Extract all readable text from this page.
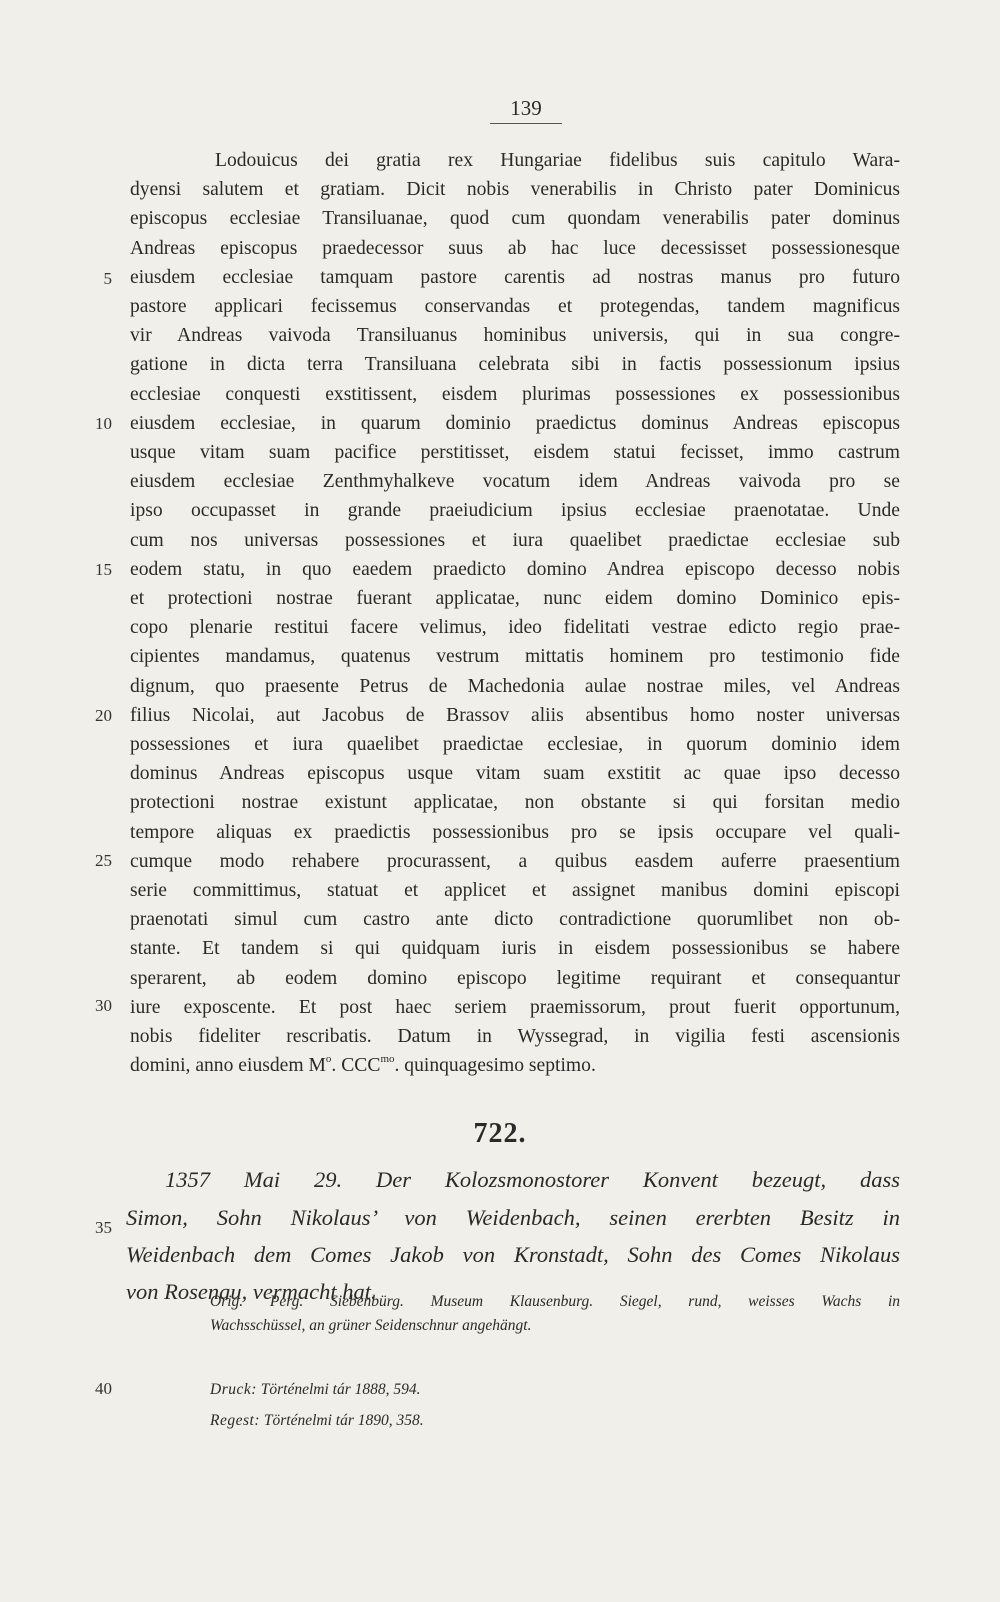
139
Lodouicus dei gratia rex Hungariae fidelibus suis capitulo Wara-
dyensi salutem et gratiam. Dicit nobis venerabilis in Christo pater Dominicus
episcopus ecclesiae Transiluanae, quod cum quondam venerabilis pater dominus
Andreas episcopus praedecessor suus ab hac luce decessisset possessionesque
eiusdem ecclesiae tamquam pastore carentis ad nostras manus pro futuro
pastore applicari fecissemus conservandas et protegendas, tandem magnificus
vir Andreas vaivoda Transiluanus hominibus universis, qui in sua congre-
gatione in dicta terra Transiluana celebrata sibi in factis possessionum ipsius
ecclesiae conquesti exstitissent, eisdem plurimas possessiones ex possessionibus
eiusdem ecclesiae, in quarum dominio praedictus dominus Andreas episcopus
usque vitam suam pacifice perstitisset, eisdem statui fecisset, immo castrum
eiusdem ecclesiae Zenthmyhalkeve vocatum idem Andreas vaivoda pro se
ipso occupasset in grande praeiudicium ipsius ecclesiae praenotatae. Unde
cum nos universas possessiones et iura quaelibet praedictae ecclesiae sub
eodem statu, in quo eaedem praedicto domino Andrea episcopo decesso nobis
et protectioni nostrae fuerant applicatae, nunc eidem domino Dominico epis-
copo plenarie restitui facere velimus, ideo fidelitati vestrae edicto regio prae-
cipientes mandamus, quatenus vestrum mittatis hominem pro testimonio fide
dignum, quo praesente Petrus de Machedonia aulae nostrae miles, vel Andreas
filius Nicolai, aut Jacobus de Brassov aliis absentibus homo noster universas
possessiones et iura quaelibet praedictae ecclesiae, in quorum dominio idem
dominus Andreas episcopus usque vitam suam exstitit ac quae ipso decesso
protectioni nostrae existunt applicatae, non obstante si qui forsitan medio
tempore aliquas ex praedictis possessionibus pro se ipsis occupare vel quali-
cumque modo rehabere procurassent, a quibus easdem auferre praesentium
serie committimus, statuat et applicet et assignet manibus domini episcopi
praenotati simul cum castro ante dicto contradictione quorumlibet non ob-
stante. Et tandem si qui quidquam iuris in eisdem possessionibus se habere
sperarent, ab eodem domino episcopo legitime requirant et consequantur
iure exposcente. Et post haec seriem praemissorum, prout fuerit opportunum,
nobis fideliter rescribatis. Datum in Wyssegrad, in vigilia festi ascensionis
domini, anno eiusdem $M^o$. $CCC^{mo}$. quinquagesimo septimo.
5
10
15
20
25
30
35
40
722.
1357 Mai 29. Der Kolozsmonostorer Konvent bezeugt, dass
Simon, Sohn Nikolaus’ von Weidenbach, seinen ererbten Besitz in
Weidenbach dem Comes Jakob von Kronstadt, Sohn des Comes Nikolaus
von Rosenau, vermacht hat.
Orig. Perg. Siebenbürg. Museum Klausenburg. Siegel, rund, weisses Wachs in
Wachsschüssel, an grüner Seidenschnur angehängt.
Druck: Történelmi tár 1888, 594.
Regest: Történelmi tár 1890, 358.
